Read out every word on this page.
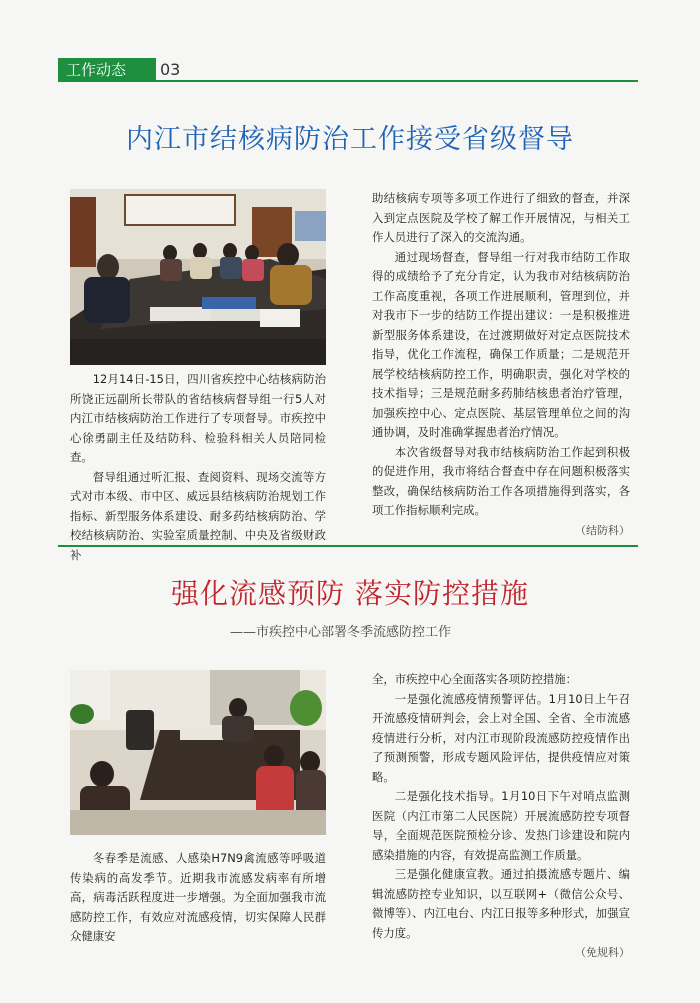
工作动态	03
内江市结核病防治工作接受省级督导

12月14日-15日，四川省疾控中心结核病防治所饶正远副所长带队的省结核病督导组一行5人对内江市结核病防治工作进行了专项督导。市疾控中心徐勇副主任及结防科、检验科相关人员陪同检查。

督导组通过听汇报、查阅资料、现场交流等方式对市本级、市中区、威远县结核病防治规划工作指标、新型服务体系建设、耐多药结核病防治、学校结核病防治、实验室质量控制、中央及省级财政补

助结核病专项等多项工作进行了细致的督查，并深入到定点医院及学校了解工作开展情况，与相关工作人员进行了深入的交流沟通。

通过现场督查，督导组一行对我市结防工作取得的成绩给予了充分肯定，认为我市对结核病防治工作高度重视，各项工作进展顺利，管理到位，并对我市下一步的结防工作提出建议：一是积极推进新型服务体系建设，在过渡期做好对定点医院技术指导，优化工作流程，确保工作质量；二是规范开展学校结核病防控工作，明确职责，强化对学校的技术指导；三是规范耐多药肺结核患者治疗管理，加强疾控中心、定点医院、基层管理单位之间的沟通协调，及时准确掌握患者治疗情况。

本次省级督导对我市结核病防治工作起到积极的促进作用，我市将结合督查中存在问题积极落实整改，确保结核病防治工作各项措施得到落实，各项工作指标顺利完成。

（结防科）
强化流感预防 落实防控措施
——市疾控中心部署冬季流感防控工作

冬春季是流感、人感染H7N9禽流感等呼吸道传染病的高发季节。近期我市流感发病率有所增高，病毒活跃程度进一步增强。为全面加强我市流感防控工作，有效应对流感疫情，切实保障人民群众健康安

全，市疾控中心全面落实各项防控措施：

一是强化流感疫情预警评估。1月10日上午召开流感疫情研判会，会上对全国、全省、全市流感疫情进行分析，对内江市现阶段流感防控疫情作出了预测预警，形成专题风险评估，提供疫情应对策略。

二是强化技术指导。1月10日下午对哨点监测医院（内江市第二人民医院）开展流感防控专项督导，全面规范医院预检分诊、发热门诊建设和院内感染措施的内容，有效提高监测工作质量。

三是强化健康宣教。通过拍摄流感专题片、编辑流感防控专业知识，以互联网+（微信公众号、微博等）、内江电台、内江日报等多种形式，加强宣传力度。

（免规科）
